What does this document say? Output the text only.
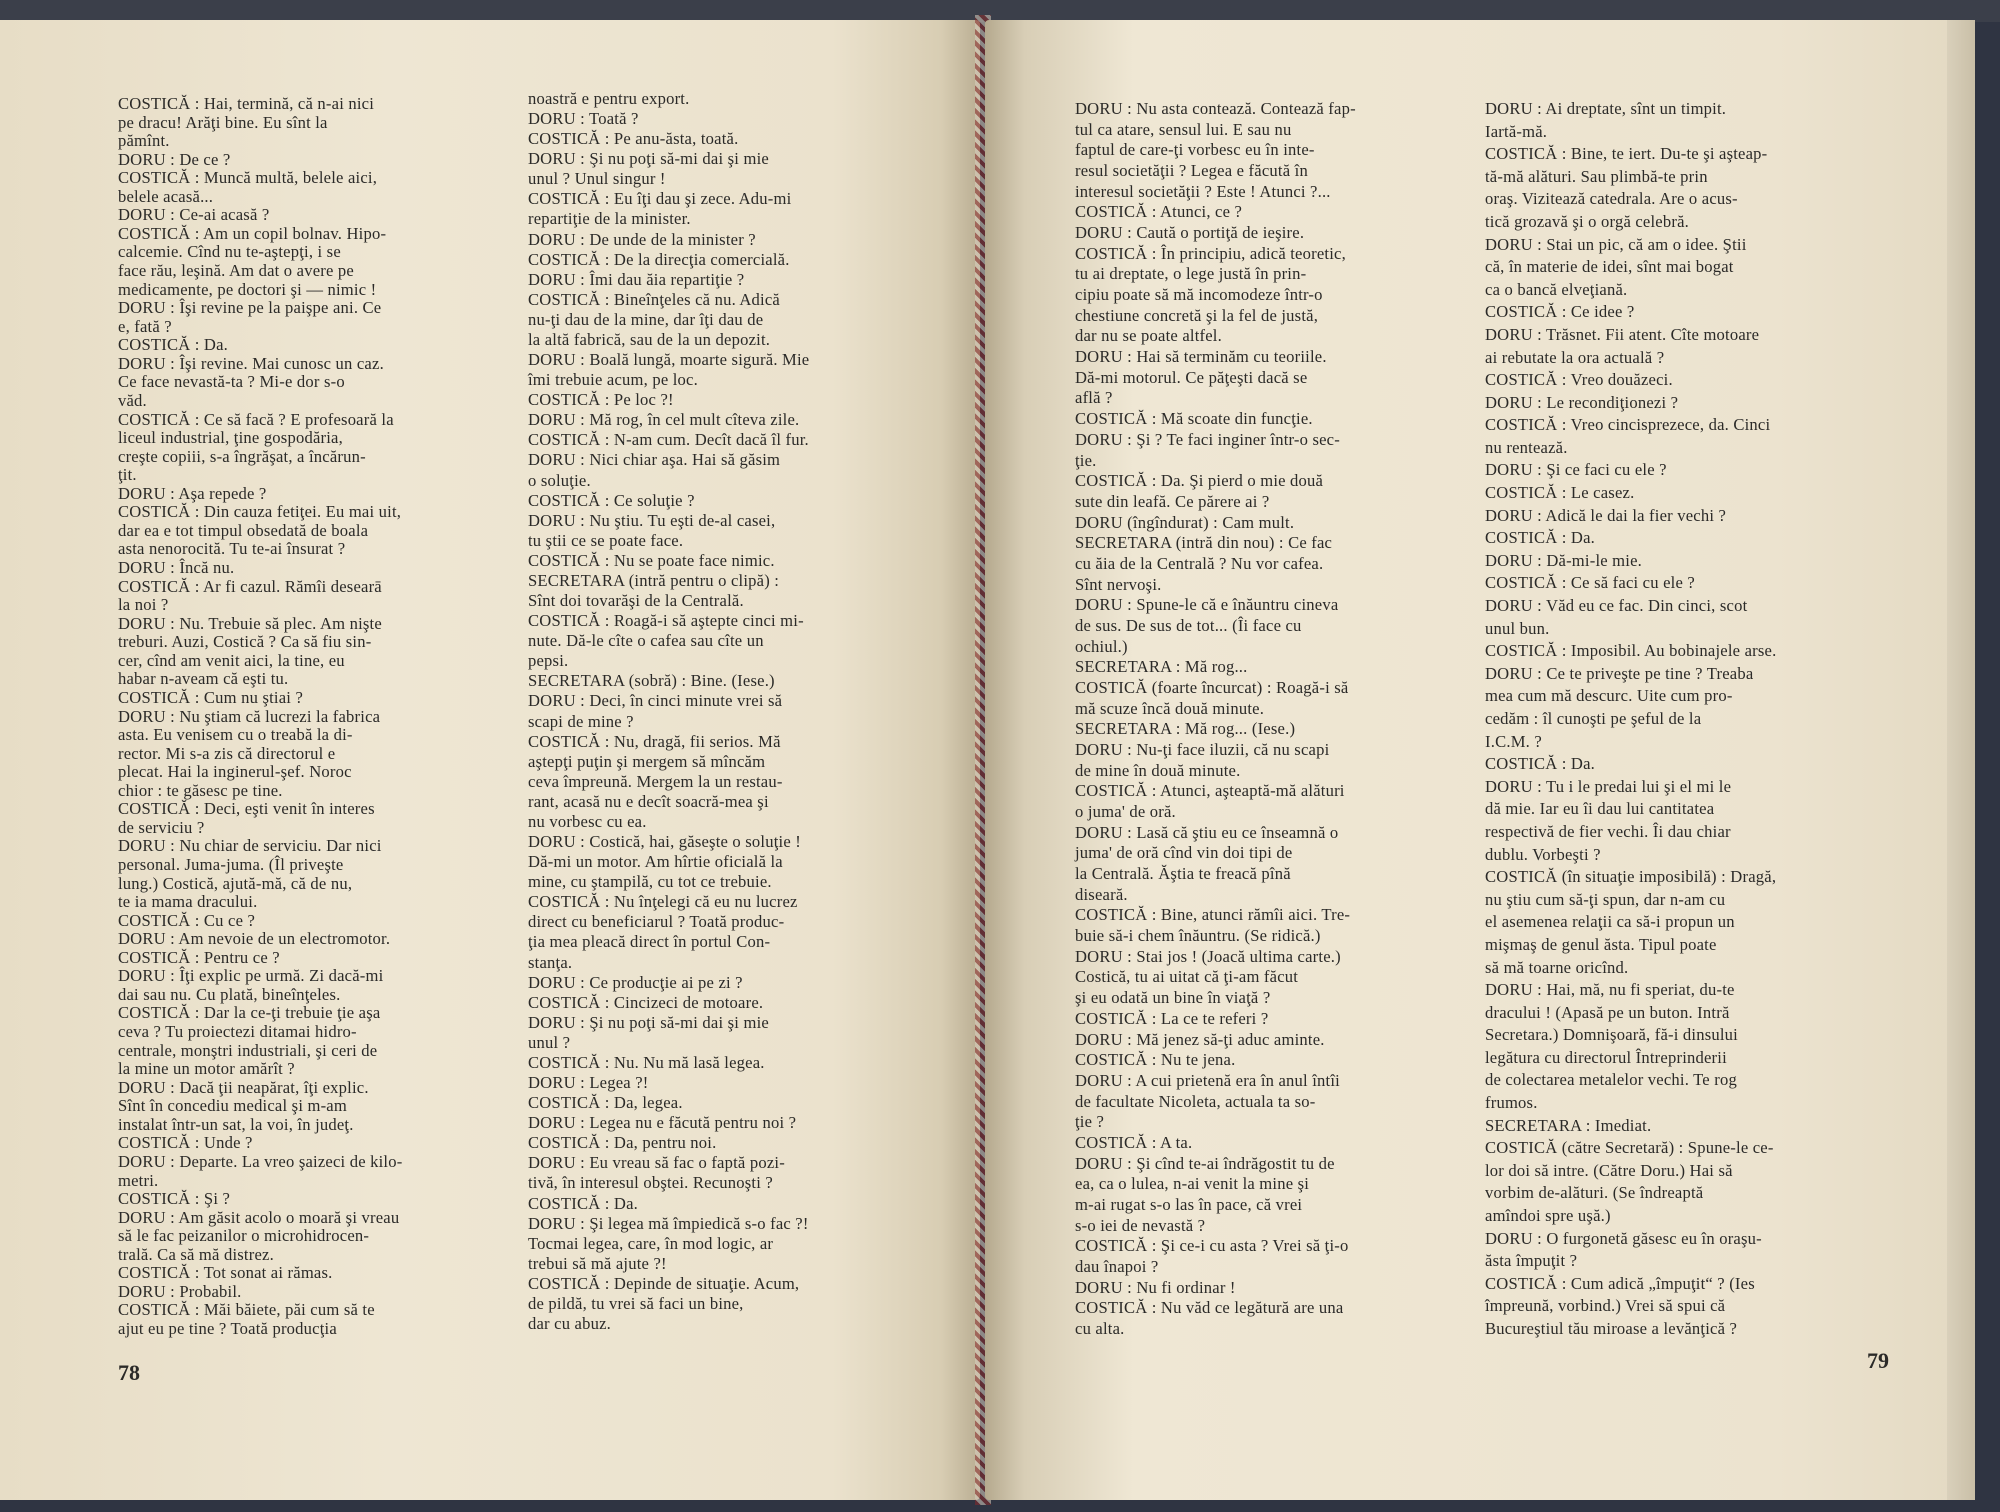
COSTICĂ : Hai, termină, că n-ai nici
pe dracu! Arăţi bine. Eu sînt la
pămînt.
DORU : De ce ?
COSTICĂ : Muncă multă, belele aici,
belele acasă...
DORU : Ce-ai acasă ?
COSTICĂ : Am un copil bolnav. Hipo-
calcemie. Cînd nu te-aştepţi, i se
face rău, leşină. Am dat o avere pe
medicamente, pe doctori şi — nimic !
DORU : Îşi revine pe la paişpe ani. Ce
e, fată ?
COSTICĂ : Da.
DORU : Îşi revine. Mai cunosc un caz.
Ce face nevastă-ta ? Mi-e dor s-o
văd.
COSTICĂ : Ce să facă ? E profesoară la
liceul industrial, ţine gospodăria,
creşte copiii, s-a îngrăşat, a încărun-
ţit.
DORU : Aşa repede ?
COSTICĂ : Din cauza fetiţei. Eu mai uit,
dar ea e tot timpul obsedată de boala
asta nenorocită. Tu te-ai însurat ?
DORU : Încă nu.
COSTICĂ : Ar fi cazul. Rămîi desearā
la noi ?
DORU : Nu. Trebuie să plec. Am nişte
treburi. Auzi, Costică ? Ca să fiu sin-
cer, cînd am venit aici, la tine, eu
habar n-aveam că eşti tu.
COSTICĂ : Cum nu ştiai ?
DORU : Nu ştiam că lucrezi la fabrica
asta. Eu venisem cu o treabă la di-
rector. Mi s-a zis că directorul e
plecat. Hai la inginerul-şef. Noroc
chior : te găsesc pe tine.
COSTICĂ : Deci, eşti venit în interes
de serviciu ?
DORU : Nu chiar de serviciu. Dar nici
personal. Juma-juma. (Îl priveşte
lung.) Costică, ajută-mă, că de nu,
te ia mama dracului.
COSTICĂ : Cu ce ?
DORU : Am nevoie de un electromotor.
COSTICĂ : Pentru ce ?
DORU : Îţi explic pe urmă. Zi dacă-mi
dai sau nu. Cu plată, bineînţeles.
COSTICĂ : Dar la ce-ţi trebuie ţie aşa
ceva ? Tu proiectezi ditamai hidro-
centrale, monştri industriali, şi ceri de
la mine un motor amărît ?
DORU : Dacă ţii neapărat, îţi explic.
Sînt în concediu medical şi m-am
instalat într-un sat, la voi, în judeţ.
COSTICĂ : Unde ?
DORU : Departe. La vreo şaizeci de kilo-
metri.
COSTICĂ : Şi ?
DORU : Am găsit acolo o moară şi vreau
să le fac peizanilor o microhidrocen-
trală. Ca să mă distrez.
COSTICĂ : Tot sonat ai rămas.
DORU : Probabil.
COSTICĂ : Măi băiete, păi cum să te
ajut eu pe tine ? Toată producţia
noastră e pentru export.
DORU : Toată ?
COSTICĂ : Pe anu-ăsta, toată.
DORU : Şi nu poţi să-mi dai şi mie
unul ? Unul singur !
COSTICĂ : Eu îţi dau şi zece. Adu-mi
repartiţie de la minister.
DORU : De unde de la minister ?
COSTICĂ : De la direcţia comercială.
DORU : Îmi dau ăia repartiţie ?
COSTICĂ : Bineînţeles că nu. Adică
nu-ţi dau de la mine, dar îţi dau de
la altă fabrică, sau de la un depozit.
DORU : Boală lungă, moarte sigură. Mie
îmi trebuie acum, pe loc.
COSTICĂ : Pe loc ?!
DORU : Mă rog, în cel mult cîteva zile.
COSTICĂ : N-am cum. Decît dacă îl fur.
DORU : Nici chiar aşa. Hai să găsim
o soluţie.
COSTICĂ : Ce soluţie ?
DORU : Nu ştiu. Tu eşti de-al casei,
tu ştii ce se poate face.
COSTICĂ : Nu se poate face nimic.
SECRETARA (intră pentru o clipă) :
Sînt doi tovarăşi de la Centrală.
COSTICĂ : Roagă-i să aştepte cinci mi-
nute. Dă-le cîte o cafea sau cîte un
pepsi.
SECRETARA (sobră) : Bine. (Iese.)
DORU : Deci, în cinci minute vrei să
scapi de mine ?
COSTICĂ : Nu, dragă, fii serios. Mă
aştepţi puţin şi mergem să mîncăm
ceva împreună. Mergem la un restau-
rant, acasă nu e decît soacră-mea şi
nu vorbesc cu ea.
DORU : Costică, hai, găseşte o soluţie !
Dă-mi un motor. Am hîrtie oficială la
mine, cu ştampilă, cu tot ce trebuie.
COSTICĂ : Nu înţelegi că eu nu lucrez
direct cu beneficiarul ? Toată produc-
ţia mea pleacă direct în portul Con-
stanţa.
DORU : Ce producţie ai pe zi ?
COSTICĂ : Cincizeci de motoare.
DORU : Şi nu poţi să-mi dai şi mie
unul ?
COSTICĂ : Nu. Nu mă lasă legea.
DORU : Legea ?!
COSTICĂ : Da, legea.
DORU : Legea nu e făcută pentru noi ?
COSTICĂ : Da, pentru noi.
DORU : Eu vreau să fac o faptă pozi-
tivă, în interesul obştei. Recunoşti ?
COSTICĂ : Da.
DORU : Şi legea mă împiedică s-o fac ?!
Tocmai legea, care, în mod logic, ar
trebui să mă ajute ?!
COSTICĂ : Depinde de situaţie. Acum,
de pildă, tu vrei să faci un bine,
dar cu abuz.
78
DORU : Nu asta contează. Contează fap-
tul ca atare, sensul lui. E sau nu
faptul de care-ţi vorbesc eu în inte-
resul societăţii ? Legea e făcută în
interesul societăţii ? Este ! Atunci ?...
COSTICĂ : Atunci, ce ?
DORU : Caută o portiţă de ieşire.
COSTICĂ : În principiu, adică teoretic,
tu ai dreptate, o lege justă în prin-
cipiu poate să mă incomodeze într-o
chestiune concretă şi la fel de justă,
dar nu se poate altfel.
DORU : Hai să terminăm cu teoriile.
Dă-mi motorul. Ce păţeşti dacă se
află ?
COSTICĂ : Mă scoate din funcţie.
DORU : Şi ? Te faci inginer într-o sec-
ţie.
COSTICĂ : Da. Şi pierd o mie două
sute din leafă. Ce părere ai ?
DORU (îngîndurat) : Cam mult.
SECRETARA (intră din nou) : Ce fac
cu ăia de la Centrală ? Nu vor cafea.
Sînt nervoşi.
DORU : Spune-le că e înăuntru cineva
de sus. De sus de tot... (Îi face cu
ochiul.)
SECRETARA : Mă rog...
COSTICĂ (foarte încurcat) : Roagă-i să
mă scuze încă două minute.
SECRETARA : Mă rog... (Iese.)
DORU : Nu-ţi face iluzii, că nu scapi
de mine în două minute.
COSTICĂ : Atunci, aşteaptă-mă alături
o juma' de oră.
DORU : Lasă că ştiu eu ce înseamnă o
juma' de oră cînd vin doi tipi de
la Centrală. Ăştia te freacă pînă
diseară.
COSTICĂ : Bine, atunci rămîi aici. Tre-
buie să-i chem înăuntru. (Se ridică.)
DORU : Stai jos ! (Joacă ultima carte.)
Costică, tu ai uitat că ţi-am făcut
şi eu odată un bine în viaţă ?
COSTICĂ : La ce te referi ?
DORU : Mă jenez să-ţi aduc aminte.
COSTICĂ : Nu te jena.
DORU : A cui prietenă era în anul întîi
de facultate Nicoleta, actuala ta so-
ţie ?
COSTICĂ : A ta.
DORU : Şi cînd te-ai îndrăgostit tu de
ea, ca o lulea, n-ai venit la mine şi
m-ai rugat s-o las în pace, că vrei
s-o iei de nevastă ?
COSTICĂ : Şi ce-i cu asta ? Vrei să ţi-o
dau înapoi ?
DORU : Nu fi ordinar !
COSTICĂ : Nu văd ce legătură are una
cu alta.
DORU : Ai dreptate, sînt un timpit.
Iartă-mă.
COSTICĂ : Bine, te iert. Du-te şi aşteap-
tă-mă alături. Sau plimbă-te prin
oraş. Vizitează catedrala. Are o acus-
tică grozavă şi o orgă celebră.
DORU : Stai un pic, că am o idee. Ştii
că, în materie de idei, sînt mai bogat
ca o bancă elveţiană.
COSTICĂ : Ce idee ?
DORU : Trăsnet. Fii atent. Cîte motoare
ai rebutate la ora actuală ?
COSTICĂ : Vreo douăzeci.
DORU : Le recondiţionezi ?
COSTICĂ : Vreo cincisprezece, da. Cinci
nu rentează.
DORU : Şi ce faci cu ele ?
COSTICĂ : Le casez.
DORU : Adică le dai la fier vechi ?
COSTICĂ : Da.
DORU : Dă-mi-le mie.
COSTICĂ : Ce să faci cu ele ?
DORU : Văd eu ce fac. Din cinci, scot
unul bun.
COSTICĂ : Imposibil. Au bobinajele arse.
DORU : Ce te priveşte pe tine ? Treaba
mea cum mă descurc. Uite cum pro-
cedăm : îl cunoşti pe şeful de la
I.C.M. ?
COSTICĂ : Da.
DORU : Tu i le predai lui şi el mi le
dă mie. Iar eu îi dau lui cantitatea
respectivă de fier vechi. Îi dau chiar
dublu. Vorbeşti ?
COSTICĂ (în situaţie imposibilă) : Dragă,
nu ştiu cum să-ţi spun, dar n-am cu
el asemenea relaţii ca să-i propun un
mişmaş de genul ăsta. Tipul poate
să mă toarne oricînd.
DORU : Hai, mă, nu fi speriat, du-te
dracului ! (Apasă pe un buton. Intră
Secretara.) Domnişoară, fă-i dinsului
legătura cu directorul Întreprinderii
de colectarea metalelor vechi. Te rog
frumos.
SECRETARA : Imediat.
COSTICĂ (către Secretară) : Spune-le ce-
lor doi să intre. (Către Doru.) Hai să
vorbim de-alături. (Se îndreaptă
amîndoi spre uşă.)
DORU : O furgonetă găsesc eu în oraşu-
ăsta împuţit ?
COSTICĂ : Cum adică „împuţit“ ? (Ies
împreună, vorbind.) Vrei să spui că
Bucureştiul tău miroase a levănţică ?
79
